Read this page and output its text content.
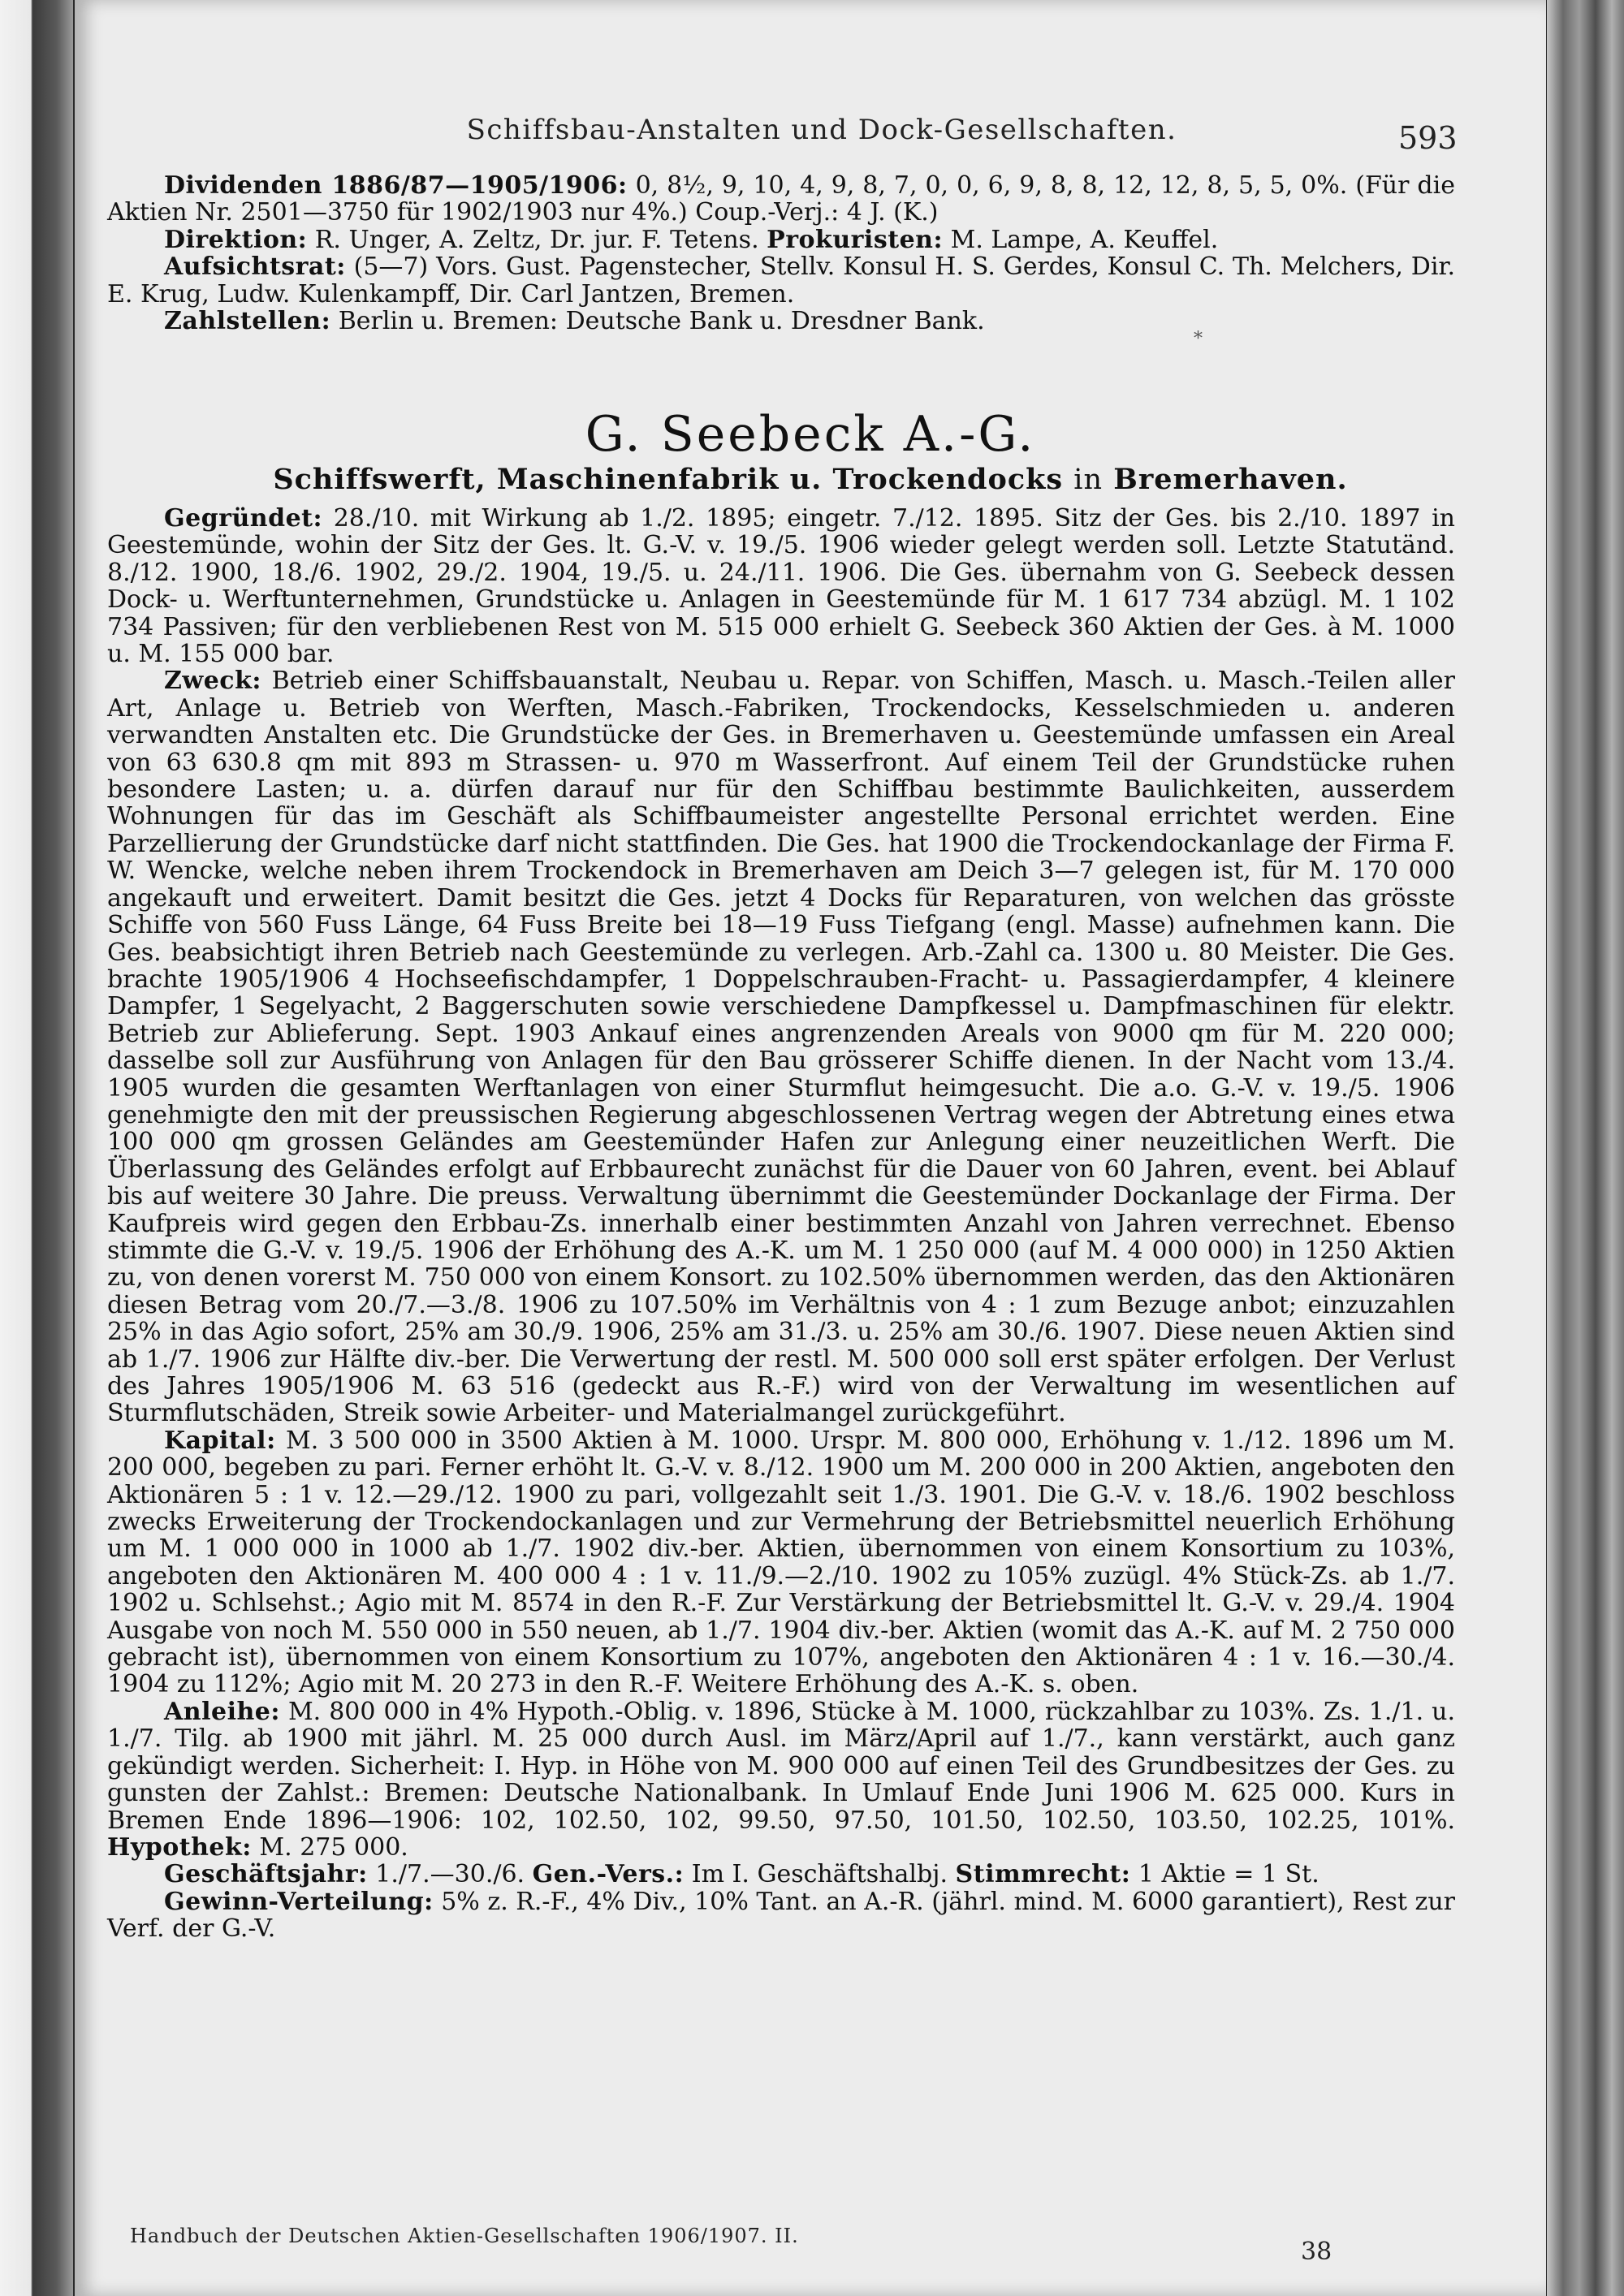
Schiffsbau-Anstalten und Dock-Gesellschaften.	593

Dividenden 1886/87—1905/1906: 0, 8½, 9, 10, 4, 9, 8, 7, 0, 0, 6, 9, 8, 8, 12, 12, 8, 5, 5, 0%. (Für die Aktien Nr. 2501—3750 für 1902/1903 nur 4%.) Coup.-Verj.: 4 J. (K.)

Direktion: R. Unger, A. Zeltz, Dr. jur. F. Tetens. Prokuristen: M. Lampe, A. Keuffel.

Aufsichtsrat: (5—7) Vors. Gust. Pagenstecher, Stellv. Konsul H. S. Gerdes, Konsul C. Th. Melchers, Dir. E. Krug, Ludw. Kulenkampff, Dir. Carl Jantzen, Bremen.

Zahlstellen: Berlin u. Bremen: Deutsche Bank u. Dresdner Bank.

*
G. Seebeck A.-G.
Schiffswerft, Maschinenfabrik u. Trockendocks in Bremerhaven.

Gegründet: 28./10. mit Wirkung ab 1./2. 1895; eingetr. 7./12. 1895. Sitz der Ges. bis 2./10. 1897 in Geestemünde, wohin der Sitz der Ges. lt. G.-V. v. 19./5. 1906 wieder gelegt werden soll. Letzte Statutänd. 8./12. 1900, 18./6. 1902, 29./2. 1904, 19./5. u. 24./11. 1906. Die Ges. übernahm von G. Seebeck dessen Dock- u. Werftunternehmen, Grundstücke u. Anlagen in Geestemünde für M. 1 617 734 abzügl. M. 1 102 734 Passiven; für den verbliebenen Rest von M. 515 000 erhielt G. Seebeck 360 Aktien der Ges. à M. 1000 u. M. 155 000 bar.

Zweck: Betrieb einer Schiffsbauanstalt, Neubau u. Repar. von Schiffen, Masch. u. Masch.-Teilen aller Art, Anlage u. Betrieb von Werften, Masch.-Fabriken, Trockendocks, Kesselschmieden u. anderen verwandten Anstalten etc. Die Grundstücke der Ges. in Bremerhaven u. Geestemünde umfassen ein Areal von 63 630.8 qm mit 893 m Strassen- u. 970 m Wasserfront. Auf einem Teil der Grundstücke ruhen besondere Lasten; u. a. dürfen darauf nur für den Schiffbau bestimmte Baulichkeiten, ausserdem Wohnungen für das im Geschäft als Schiffbaumeister angestellte Personal errichtet werden. Eine Parzellierung der Grundstücke darf nicht stattfinden. Die Ges. hat 1900 die Trockendockanlage der Firma F. W. Wencke, welche neben ihrem Trockendock in Bremerhaven am Deich 3—7 gelegen ist, für M. 170 000 angekauft und erweitert. Damit besitzt die Ges. jetzt 4 Docks für Reparaturen, von welchen das grösste Schiffe von 560 Fuss Länge, 64 Fuss Breite bei 18—19 Fuss Tiefgang (engl. Masse) aufnehmen kann. Die Ges. beabsichtigt ihren Betrieb nach Geestemünde zu verlegen. Arb.-Zahl ca. 1300 u. 80 Meister. Die Ges. brachte 1905/1906 4 Hochseefischdampfer, 1 Doppelschrauben-Fracht- u. Passagierdampfer, 4 kleinere Dampfer, 1 Segelyacht, 2 Baggerschuten sowie verschiedene Dampfkessel u. Dampfmaschinen für elektr. Betrieb zur Ablieferung. Sept. 1903 Ankauf eines angrenzenden Areals von 9000 qm für M. 220 000; dasselbe soll zur Ausführung von Anlagen für den Bau grösserer Schiffe dienen. In der Nacht vom 13./4. 1905 wurden die gesamten Werftanlagen von einer Sturmflut heimgesucht. Die a.o. G.-V. v. 19./5. 1906 genehmigte den mit der preussischen Regierung abgeschlossenen Vertrag wegen der Abtretung eines etwa 100 000 qm grossen Geländes am Geestemünder Hafen zur Anlegung einer neuzeitlichen Werft. Die Überlassung des Geländes erfolgt auf Erbbaurecht zunächst für die Dauer von 60 Jahren, event. bei Ablauf bis auf weitere 30 Jahre. Die preuss. Verwaltung übernimmt die Geestemünder Dockanlage der Firma. Der Kaufpreis wird gegen den Erbbau-Zs. innerhalb einer bestimmten Anzahl von Jahren verrechnet. Ebenso stimmte die G.-V. v. 19./5. 1906 der Erhöhung des A.-K. um M. 1 250 000 (auf M. 4 000 000) in 1250 Aktien zu, von denen vorerst M. 750 000 von einem Konsort. zu 102.50% übernommen werden, das den Aktionären diesen Betrag vom 20./7.—3./8. 1906 zu 107.50% im Verhältnis von 4 : 1 zum Bezuge anbot; einzuzahlen 25% in das Agio sofort, 25% am 30./9. 1906, 25% am 31./3. u. 25% am 30./6. 1907. Diese neuen Aktien sind ab 1./7. 1906 zur Hälfte div.-ber. Die Verwertung der restl. M. 500 000 soll erst später erfolgen. Der Verlust des Jahres 1905/1906 M. 63 516 (gedeckt aus R.-F.) wird von der Verwaltung im wesentlichen auf Sturmflutschäden, Streik sowie Arbeiter- und Materialmangel zurückgeführt.

Kapital: M. 3 500 000 in 3500 Aktien à M. 1000. Urspr. M. 800 000, Erhöhung v. 1./12. 1896 um M. 200 000, begeben zu pari. Ferner erhöht lt. G.-V. v. 8./12. 1900 um M. 200 000 in 200 Aktien, angeboten den Aktionären 5 : 1 v. 12.—29./12. 1900 zu pari, vollgezahlt seit 1./3. 1901. Die G.-V. v. 18./6. 1902 beschloss zwecks Erweiterung der Trockendockanlagen und zur Vermehrung der Betriebsmittel neuerlich Erhöhung um M. 1 000 000 in 1000 ab 1./7. 1902 div.-ber. Aktien, übernommen von einem Konsortium zu 103%, angeboten den Aktionären M. 400 000 4 : 1 v. 11./9.—2./10. 1902 zu 105% zuzügl. 4% Stück-Zs. ab 1./7. 1902 u. Schlsehst.; Agio mit M. 8574 in den R.-F. Zur Verstärkung der Betriebsmittel lt. G.-V. v. 29./4. 1904 Ausgabe von noch M. 550 000 in 550 neuen, ab 1./7. 1904 div.-ber. Aktien (womit das A.-K. auf M. 2 750 000 gebracht ist), übernommen von einem Konsortium zu 107%, angeboten den Aktionären 4 : 1 v. 16.—30./4. 1904 zu 112%; Agio mit M. 20 273 in den R.-F. Weitere Erhöhung des A.-K. s. oben.

Anleihe: M. 800 000 in 4% Hypoth.-Oblig. v. 1896, Stücke à M. 1000, rückzahlbar zu 103%. Zs. 1./1. u. 1./7. Tilg. ab 1900 mit jährl. M. 25 000 durch Ausl. im März/April auf 1./7., kann verstärkt, auch ganz gekündigt werden. Sicherheit: I. Hyp. in Höhe von M. 900 000 auf einen Teil des Grundbesitzes der Ges. zu gunsten der Zahlst.: Bremen: Deutsche Nationalbank. In Umlauf Ende Juni 1906 M. 625 000. Kurs in Bremen Ende 1896—1906: 102, 102.50, 102, 99.50, 97.50, 101.50, 102.50, 103.50, 102.25, 101%. Hypothek: M. 275 000.

Geschäftsjahr: 1./7.—30./6. Gen.-Vers.: Im I. Geschäftshalbj. Stimmrecht: 1 Aktie = 1 St.

Gewinn-Verteilung: 5% z. R.-F., 4% Div., 10% Tant. an A.-R. (jährl. mind. M. 6000 garantiert), Rest zur Verf. der G.-V.

Handbuch der Deutschen Aktien-Gesellschaften 1906/1907. II.
38
